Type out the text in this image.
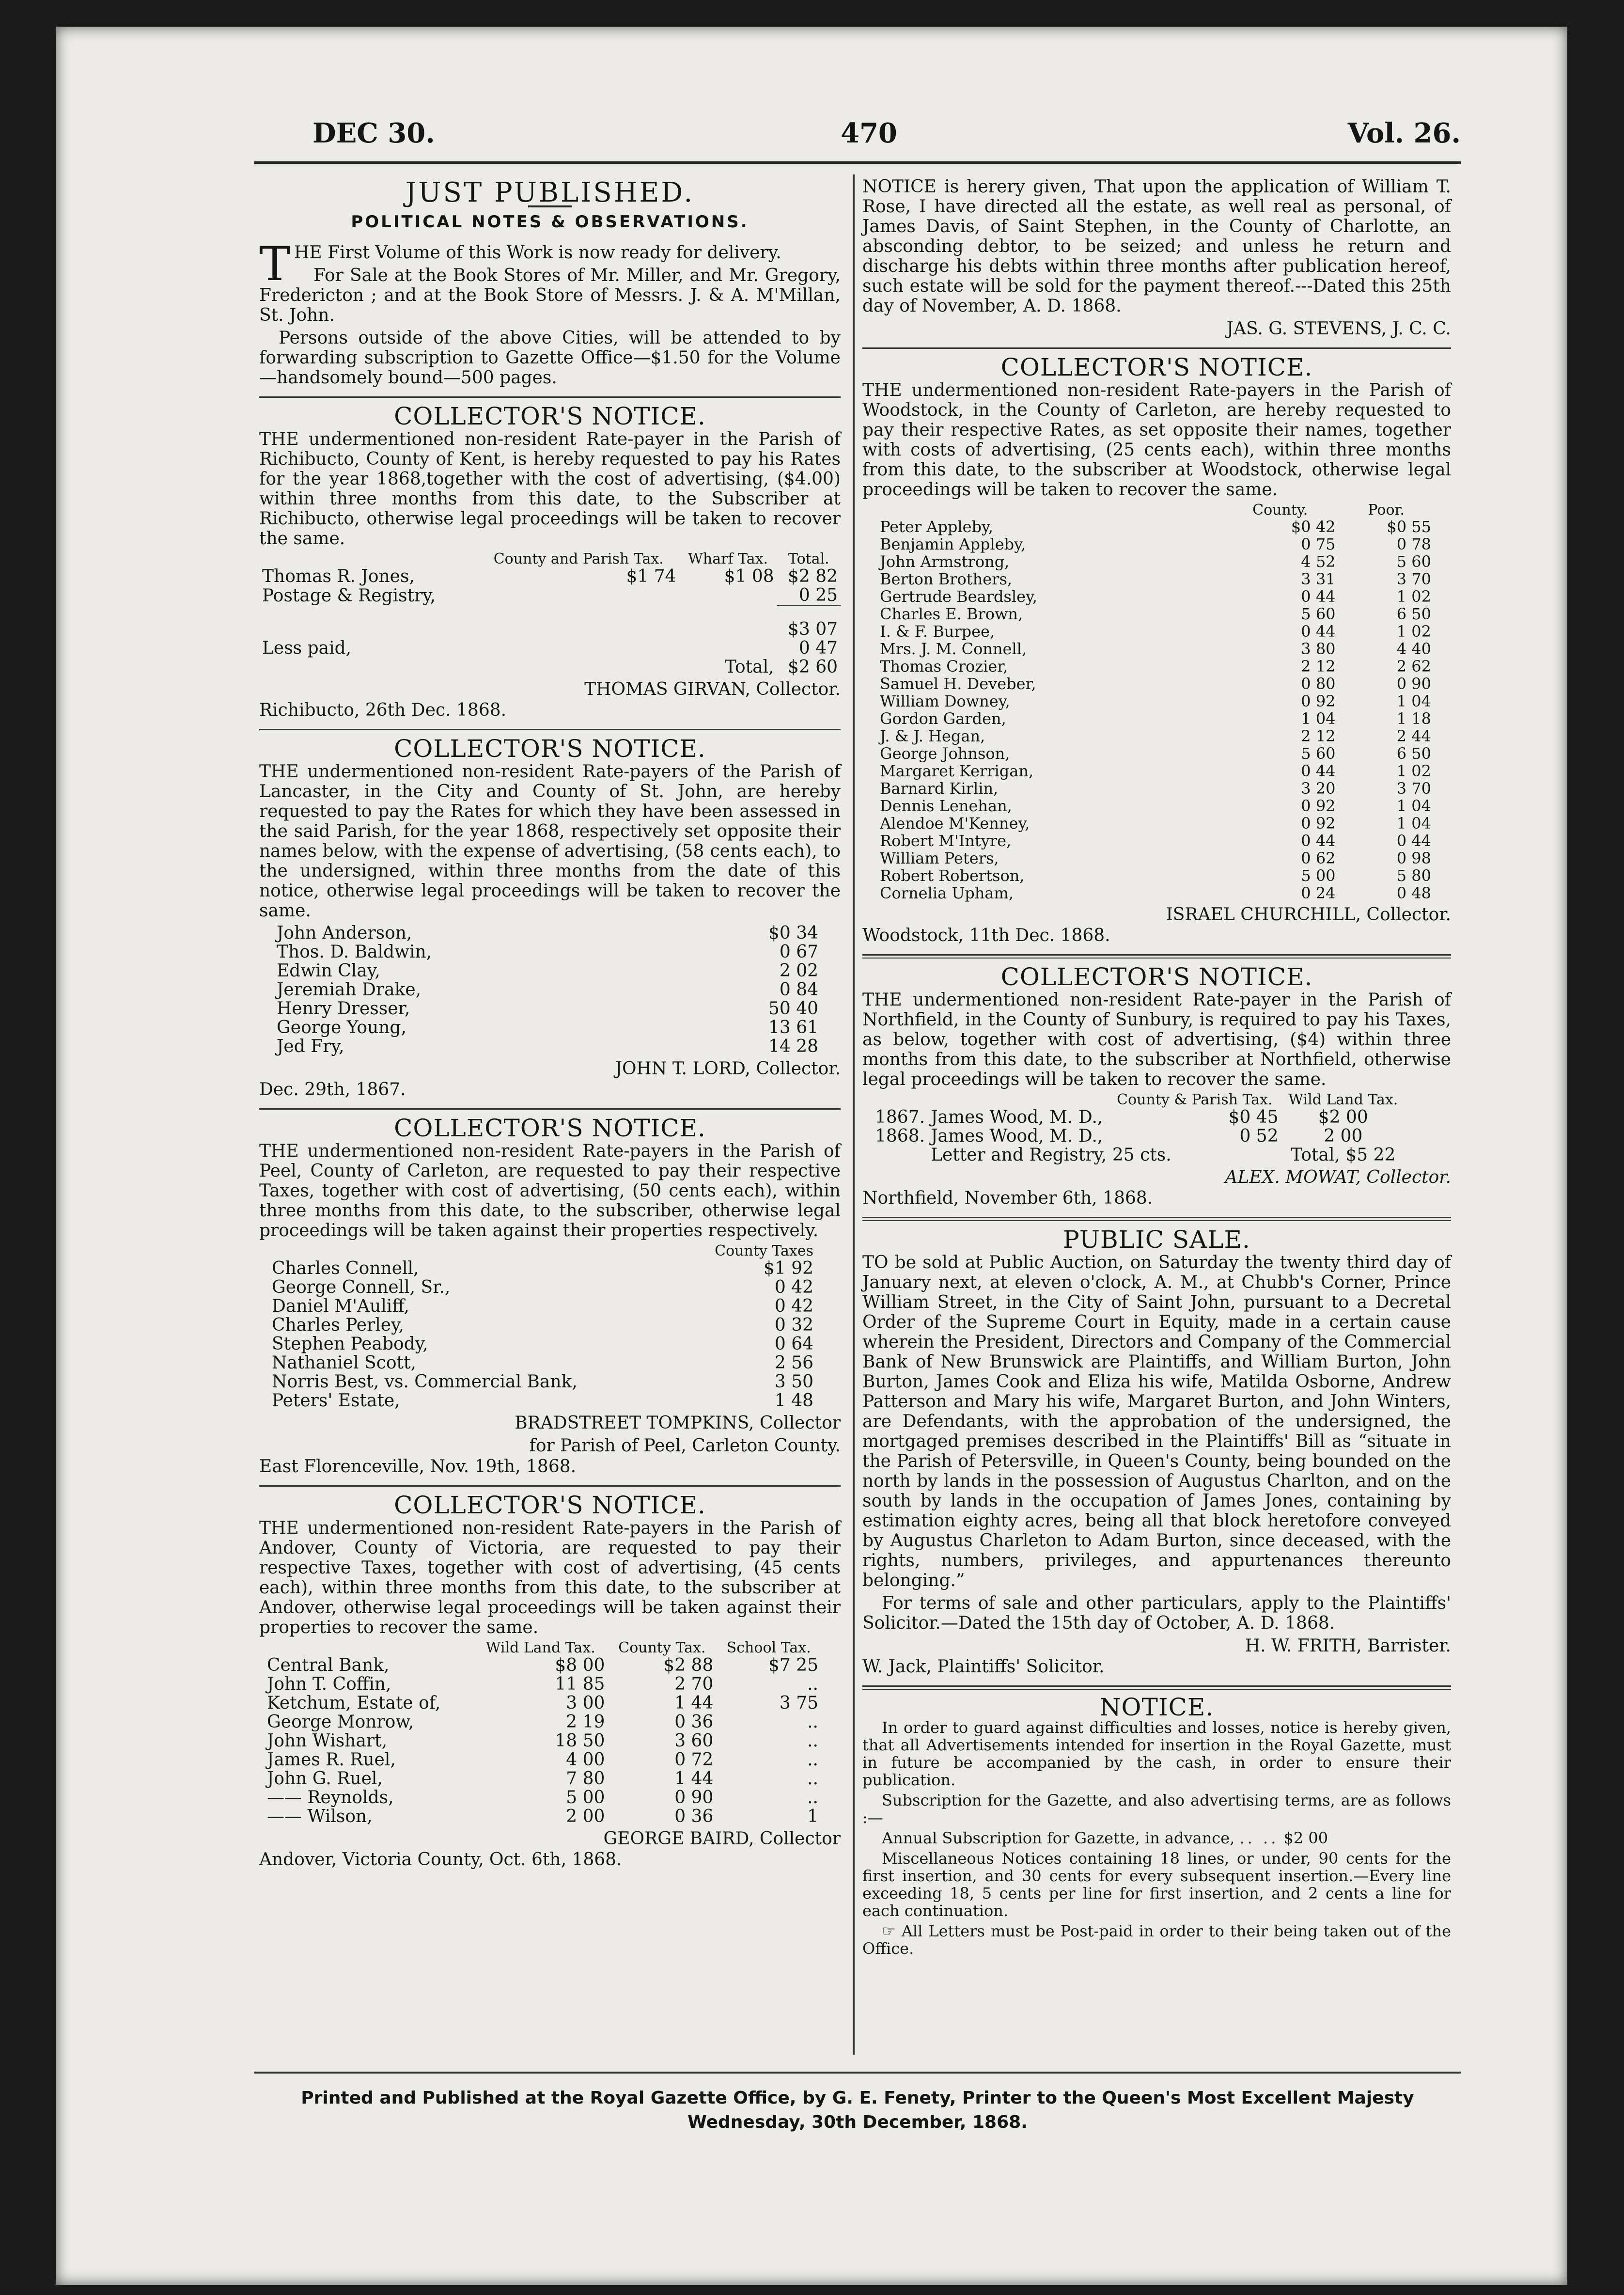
DEC 30.	470	Vol. 26.
JUST PUBLISHED.
POLITICAL NOTES & OBSERVATIONS.

THE First Volume of this Work is now ready for delivery.

For Sale at the Book Stores of Mr. Miller, and Mr. Gregory, Fredericton ; and at the Book Store of Messrs. J. & A. M'Millan, St. John.

Persons outside of the above Cities, will be attended to by forwarding subscription to Gazette Office—$1.50 for the Volume—handsomely bound—500 pages.

COLLECTOR'S NOTICE.

THE undermentioned non-resident Rate-payer in the Parish of Richibucto, County of Kent, is hereby requested to pay his Rates for the year 1868,together with the cost of advertising, ($4.00) within three months from this date, to the Subscriber at Richibucto, otherwise legal proceedings will be taken to recover the same.

	County and Parish Tax.	Wharf Tax.	Total.
Thomas R. Jones,	$1 74	$1 08	$2 82
Postage & Registry,			0 25

			$3 07
Less paid,			0 47
		Total,	$2 60
THOMAS GIRVAN, Collector.
Richibucto, 26th Dec. 1868.
COLLECTOR'S NOTICE.

THE undermentioned non-resident Rate-payers of the Parish of Lancaster, in the City and County of St. John, are hereby requested to pay the Rates for which they have been assessed in the said Parish, for the year 1868, respectively set opposite their names below, with the expense of advertising, (58 cents each), to the undersigned, within three months from the date of this notice, otherwise legal proceedings will be taken to recover the same.

John Anderson,	$0 34
Thos. D. Baldwin,	0 67
Edwin Clay,	2 02
Jeremiah Drake,	0 84
Henry Dresser,	50 40
George Young,	13 61
Jed Fry,	14 28
JOHN T. LORD, Collector.
Dec. 29th, 1867.
COLLECTOR'S NOTICE.

THE undermentioned non-resident Rate-payers in the Parish of Peel, County of Carleton, are requested to pay their respective Taxes, together with cost of advertising, (50 cents each), within three months from this date, to the subscriber, otherwise legal proceedings will be taken against their properties respectively.

	County Taxes
Charles Connell,	$1 92
George Connell, Sr.,	0 42
Daniel M'Auliff,	0 42
Charles Perley,	0 32
Stephen Peabody,	0 64
Nathaniel Scott,	2 56
Norris Best, vs. Commercial Bank,	3 50
Peters' Estate,	1 48
BRADSTREET TOMPKINS, Collector
for Parish of Peel, Carleton County.
East Florenceville, Nov. 19th, 1868.
COLLECTOR'S NOTICE.

THE undermentioned non-resident Rate-payers in the Parish of Andover, County of Victoria, are requested to pay their respective Taxes, together with cost of advertising, (45 cents each), within three months from this date, to the subscriber at Andover, otherwise legal proceedings will be taken against their properties to recover the same.

	Wild Land Tax.	County Tax.	School Tax.
Central Bank,	$8 00	$2 88	$7 25
John T. Coffin,	11 85	2 70	..
Ketchum, Estate of,	3 00	1 44	3 75
George Monrow,	2 19	0 36	..
John Wishart,	18 50	3 60	..
James R. Ruel,	4 00	0 72	..
John G. Ruel,	7 80	1 44	..
—— Reynolds,	5 00	0 90	..
—— Wilson,	2 00	0 36	1
GEORGE BAIRD, Collector
Andover, Victoria County, Oct. 6th, 1868.

NOTICE is herery given, That upon the application of William T. Rose, I have directed all the estate, as well real as personal, of James Davis, of Saint Stephen, in the County of Charlotte, an absconding debtor, to be seized; and unless he return and discharge his debts within three months after publication hereof, such estate will be sold for the payment thereof.---Dated this 25th day of November, A. D. 1868.

JAS. G. STEVENS, J. C. C.
COLLECTOR'S NOTICE.

THE undermentioned non-resident Rate-payers in the Parish of Woodstock, in the County of Carleton, are hereby requested to pay their respective Rates, as set opposite their names, together with costs of advertising, (25 cents each), within three months from this date, to the subscriber at Woodstock, otherwise legal proceedings will be taken to recover the same.

	County.	Poor.
Peter Appleby,	$0 42	$0 55
Benjamin Appleby,	0 75	0 78
John Armstrong,	4 52	5 60
Berton Brothers,	3 31	3 70
Gertrude Beardsley,	0 44	1 02
Charles E. Brown,	5 60	6 50
I. & F. Burpee,	0 44	1 02
Mrs. J. M. Connell,	3 80	4 40
Thomas Crozier,	2 12	2 62
Samuel H. Deveber,	0 80	0 90
William Downey,	0 92	1 04
Gordon Garden,	1 04	1 18
J. & J. Hegan,	2 12	2 44
George Johnson,	5 60	6 50
Margaret Kerrigan,	0 44	1 02
Barnard Kirlin,	3 20	3 70
Dennis Lenehan,	0 92	1 04
Alendoe M'Kenney,	0 92	1 04
Robert M'Intyre,	0 44	0 44
William Peters,	0 62	0 98
Robert Robertson,	5 00	5 80
Cornelia Upham,	0 24	0 48
ISRAEL CHURCHILL, Collector.
Woodstock, 11th Dec. 1868.
COLLECTOR'S NOTICE.

THE undermentioned non-resident Rate-payer in the Parish of Northfield, in the County of Sunbury, is required to pay his Taxes, as below, together with cost of advertising, ($4) within three months from this date, to the subscriber at Northfield, otherwise legal proceedings will be taken to recover the same.

		County & Parish Tax.	Wild Land Tax.
1867.	James Wood, M. D.,	$0 45	$2 00
1868.	James Wood, M. D.,	0 52	2 00
	Letter and Registry, 25 cts.		Total, $5 22
ALEX. MOWAT, Collector.
Northfield, November 6th, 1868.
PUBLIC SALE.

TO be sold at Public Auction, on Saturday the twenty third day of January next, at eleven o'clock, A. M., at Chubb's Corner, Prince William Street, in the City of Saint John, pursuant to a Decretal Order of the Supreme Court in Equity, made in a certain cause wherein the President, Directors and Company of the Commercial Bank of New Brunswick are Plaintiffs, and William Burton, John Burton, James Cook and Eliza his wife, Matilda Osborne, Andrew Patterson and Mary his wife, Margaret Burton, and John Winters, are Defendants, with the approbation of the undersigned, the mortgaged premises described in the Plaintiffs' Bill as “situate in the Parish of Petersville, in Queen's County, being bounded on the north by lands in the possession of Augustus Charlton, and on the south by lands in the occupation of James Jones, containing by estimation eighty acres, being all that block heretofore conveyed by Augustus Charleton to Adam Burton, since deceased, with the rights, numbers, privileges, and appurtenances thereunto belonging.”

For terms of sale and other particulars, apply to the Plaintiffs' Solicitor.—Dated the 15th day of October, A. D. 1868.

H. W. FRITH, Barrister.
W. Jack, Plaintiffs' Solicitor.
NOTICE.

In order to guard against difficulties and losses, notice is hereby given, that all Advertisements intended for insertion in the Royal Gazette, must in future be accompanied by the cash, in order to ensure their publication.

Subscription for the Gazette, and also advertising terms, are as follows :—

Annual Subscription for Gazette, in advance, .. .. $2 00

Miscellaneous Notices containing 18 lines, or under, 90 cents for the first insertion, and 30 cents for every subsequent insertion.—Every line exceeding 18, 5 cents per line for first insertion, and 2 cents a line for each continuation.

☞ All Letters must be Post-paid in order to their being taken out of the Office.

Printed and Published at the Royal Gazette Office, by G. E. Fenety, Printer to the Queen's Most Excellent Majesty
Wednesday, 30th December, 1868.
